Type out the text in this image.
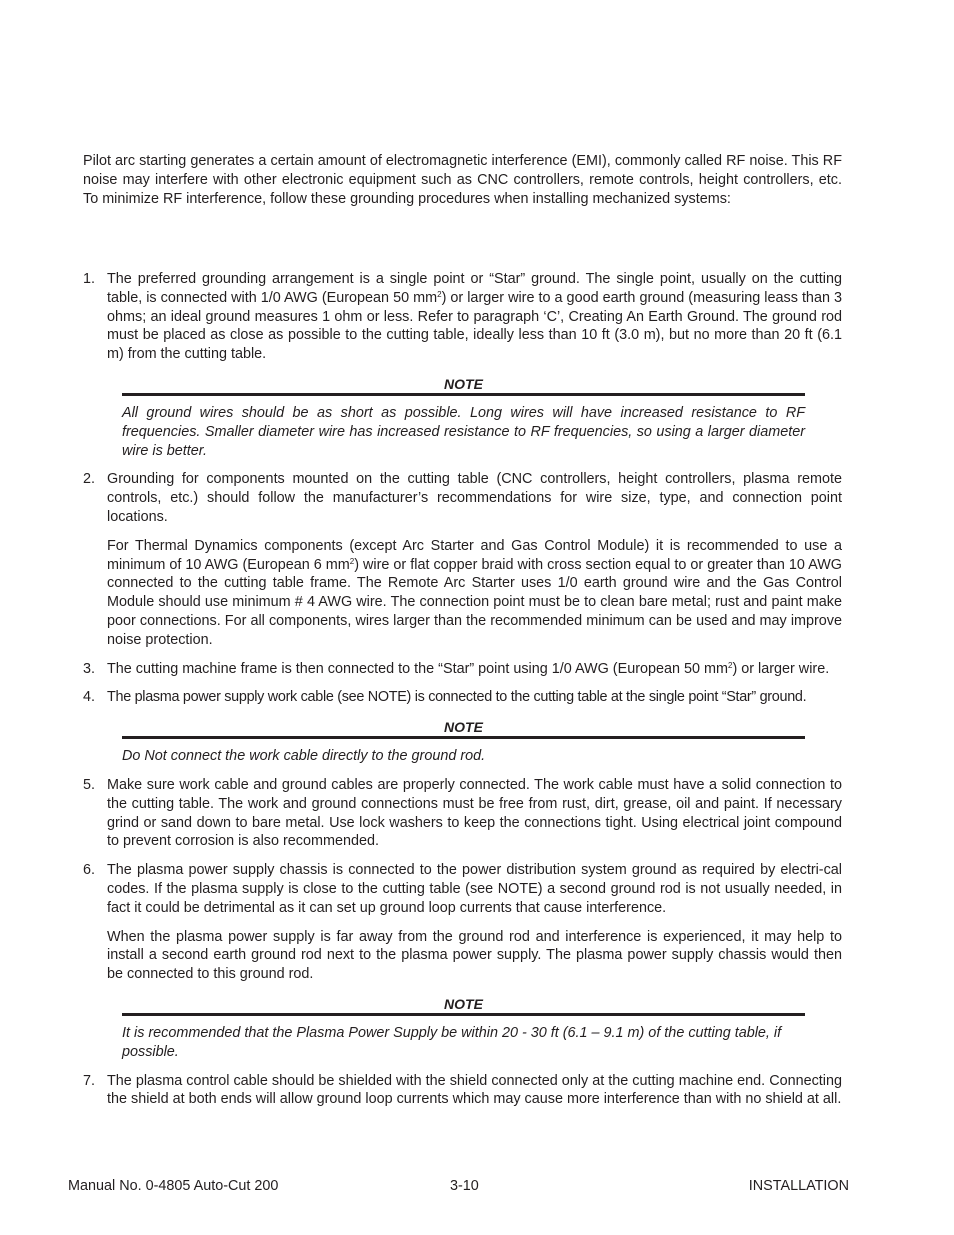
Pilot arc starting generates a certain amount of electromagnetic interference (EMI), commonly called RF noise. This RF noise may interfere with other electronic equipment such as CNC controllers, remote controls, height controllers, etc. To minimize RF interference, follow these grounding procedures when installing mechanized systems:

1. The preferred grounding arrangement is a single point or “Star” ground. The single point, usually on the cutting table, is connected with 1/0 AWG (European 50 $mm^2$) or larger wire to a good earth ground (measuring leass than 3 ohms; an ideal ground measures 1 ohm or less. Refer to paragraph ‘C’, Creating An Earth Ground. The ground rod must be placed as close as possible to the cutting table, ideally less than 10 ft (3.0 m), but no more than 20 ft (6.1 m) from the cutting table.

NOTE
All ground wires should be as short as possible. Long wires will have increased resistance to RF frequencies. Smaller diameter wire has increased resistance to RF frequencies, so using a larger diameter wire is better.
2. Grounding for components mounted on the cutting table (CNC controllers, height controllers, plasma remote controls, etc.) should follow the manufacturer’s recommendations for wire size, type, and connection point locations.

For Thermal Dynamics components (except Arc Starter and Gas Control Module) it is recommended to use a minimum of 10 AWG (European 6 $mm^2$) wire or flat copper braid with cross section equal to or greater than 10 AWG connected to the cutting table frame. The Remote Arc Starter uses 1/0 earth ground wire and the Gas Control Module should use minimum # 4 AWG wire. The connection point must be to clean bare metal; rust and paint make poor connections. For all components, wires larger than the recommended minimum can be used and may improve noise protection.

3. The cutting machine frame is then connected to the “Star” point using 1/0 AWG (European 50 $mm^2$) or larger wire.

4. The plasma power supply work cable (see NOTE) is connected to the cutting table at the single point “Star” ground.

NOTE
Do Not connect the work cable directly to the ground rod.
5. Make sure work cable and ground cables are properly connected. The work cable must have a solid connection to the cutting table. The work and ground connections must be free from rust, dirt, grease, oil and paint. If necessary grind or sand down to bare metal. Use lock washers to keep the connections tight. Using electrical joint compound to prevent corrosion is also recommended.

6. The plasma power supply chassis is connected to the power distribution system ground as required by electri-cal codes. If the plasma supply is close to the cutting table (see NOTE) a second ground rod is not usually needed, in fact it could be detrimental as it can set up ground loop currents that cause interference.

When the plasma power supply is far away from the ground rod and interference is experienced, it may help to install a second earth ground rod next to the plasma power supply. The plasma power supply chassis would then be connected to this ground rod.

NOTE
It is recommended that the Plasma Power Supply be within 20 - 30 ft (6.1 – 9.1 m) of the cutting table, if possible.
7. The plasma control cable should be shielded with the shield connected only at the cutting machine end. Connecting the shield at both ends will allow ground loop currents which may cause more interference than with no shield at all.

Manual No. 0-4805 Auto-Cut 200	3-10	INSTALLATION
